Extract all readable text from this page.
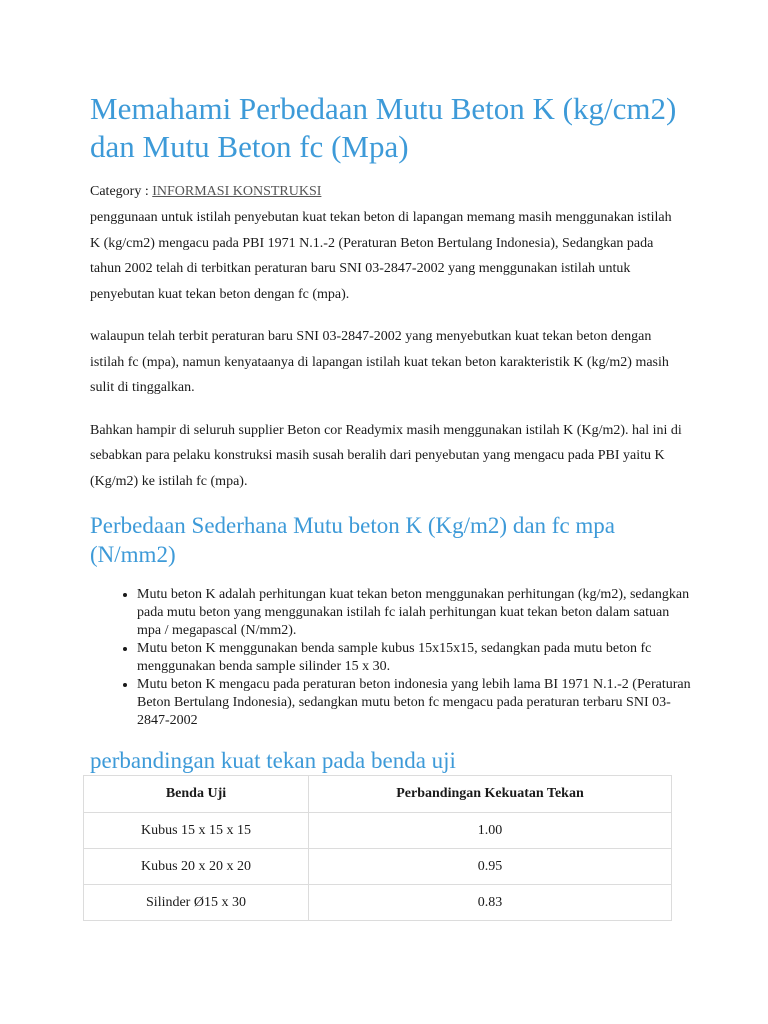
Memahami Perbedaan Mutu Beton K (kg/cm2)
dan Mutu Beton fc (Mpa)
Category : INFORMASI KONSTRUKSI

penggunaan untuk istilah penyebutan kuat tekan beton di lapangan memang masih menggunakan istilah K (kg/cm2) mengacu pada PBI 1971 N.1.-2 (Peraturan Beton Bertulang Indonesia), Sedangkan pada tahun 2002 telah di terbitkan peraturan baru SNI 03-2847-2002 yang menggunakan istilah untuk penyebutan kuat tekan beton dengan fc (mpa).

walaupun telah terbit peraturan baru SNI 03-2847-2002 yang menyebutkan kuat tekan beton dengan istilah fc (mpa), namun kenyataanya di lapangan istilah kuat tekan beton karakteristik K (kg/m2) masih sulit di tinggalkan.

Bahkan hampir di seluruh supplier Beton cor Readymix masih menggunakan istilah K (Kg/m2). hal ini di sebabkan para pelaku konstruksi masih susah beralih dari penyebutan yang mengacu pada PBI yaitu K (Kg/m2) ke istilah fc (mpa).

Perbedaan Sederhana Mutu beton K (Kg/m2) dan fc mpa
(N/mm2)
• Mutu beton K adalah perhitungan kuat tekan beton menggunakan perhitungan (kg/m2), sedangkan pada mutu beton yang menggunakan istilah fc ialah perhitungan kuat tekan beton dalam satuan mpa / megapascal (N/mm2).
• Mutu beton K menggunakan benda sample kubus 15x15x15, sedangkan pada mutu beton fc menggunakan benda sample silinder 15 x 30.
• Mutu beton K mengacu pada peraturan beton indonesia yang lebih lama BI 1971 N.1.-2 (Peraturan Beton Bertulang Indonesia), sedangkan mutu beton fc mengacu pada peraturan terbaru SNI 03-2847-2002
perbandingan kuat tekan pada benda uji
Benda Uji	Perbandingan Kekuatan Tekan
Kubus 15 x 15 x 15	1.00
Kubus 20 x 20 x 20	0.95
Silinder Ø15 x 30	0.83
